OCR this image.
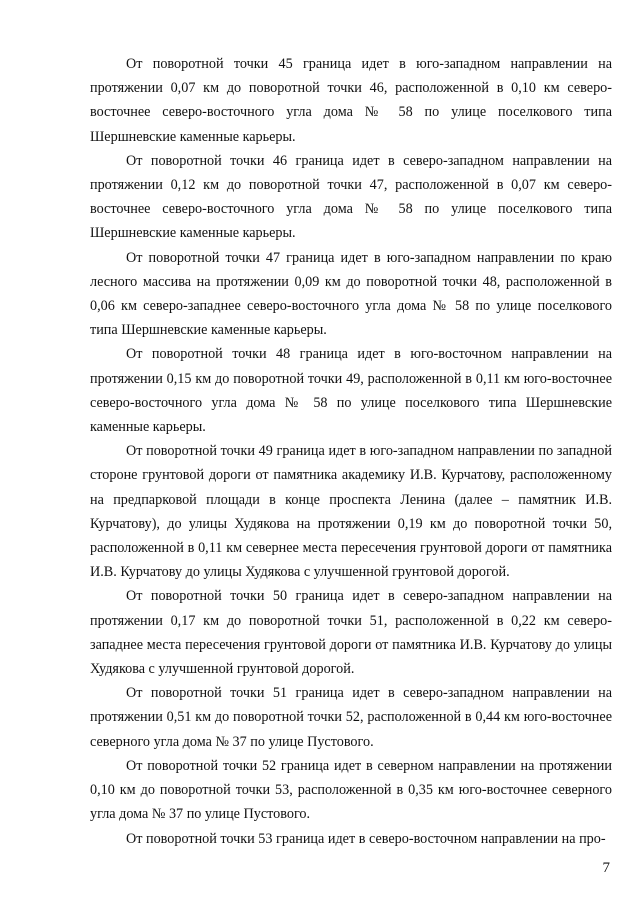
От поворотной точки 45 граница идет в юго-западном направлении на протяжении 0,07 км до поворотной точки 46, расположенной в 0,10 км северо-восточнее северо-восточного угла дома № 58 по улице поселкового типа Шершневские каменные карьеры.

От поворотной точки 46 граница идет в северо-западном направлении на протяжении 0,12 км до поворотной точки 47, расположенной в 0,07 км северо-восточнее северо-восточного угла дома № 58 по улице поселкового типа Шершневские каменные карьеры.

От поворотной точки 47 граница идет в юго-западном направлении по краю лесного массива на протяжении 0,09 км до поворотной точки 48, расположенной в 0,06 км северо-западнее северо-восточного угла дома № 58 по улице поселкового типа Шершневские каменные карьеры.

От поворотной точки 48 граница идет в юго-восточном направлении на протяжении 0,15 км до поворотной точки 49, расположенной в 0,11 км юго-восточнее северо-восточного угла дома № 58 по улице поселкового типа Шершневские каменные карьеры.

От поворотной точки 49 граница идет в юго-западном направлении по западной стороне грунтовой дороги от памятника академику И.В. Курчатову, расположенному на предпарковой площади в конце проспекта Ленина (далее – памятник И.В. Курчатову), до улицы Худякова на протяжении 0,19 км до поворотной точки 50, расположенной в 0,11 км севернее места пересечения грунтовой дороги от памятника И.В. Курчатову до улицы Худякова с улучшенной грунтовой дорогой.

От поворотной точки 50 граница идет в северо-западном направлении на протяжении 0,17 км до поворотной точки 51, расположенной в 0,22 км северо-западнее места пересечения грунтовой дороги от памятника И.В. Курчатову до улицы Худякова с улучшенной грунтовой дорогой.

От поворотной точки 51 граница идет в северо-западном направлении на протяжении 0,51 км до поворотной точки 52, расположенной в 0,44 км юго-восточнее северного угла дома № 37 по улице Пустового.

От поворотной точки 52 граница идет в северном направлении на протяжении 0,10 км до поворотной точки 53, расположенной в 0,35 км юго-восточнее северного угла дома № 37 по улице Пустового.

От поворотной точки 53 граница идет в северо-восточном направлении на про-

7
